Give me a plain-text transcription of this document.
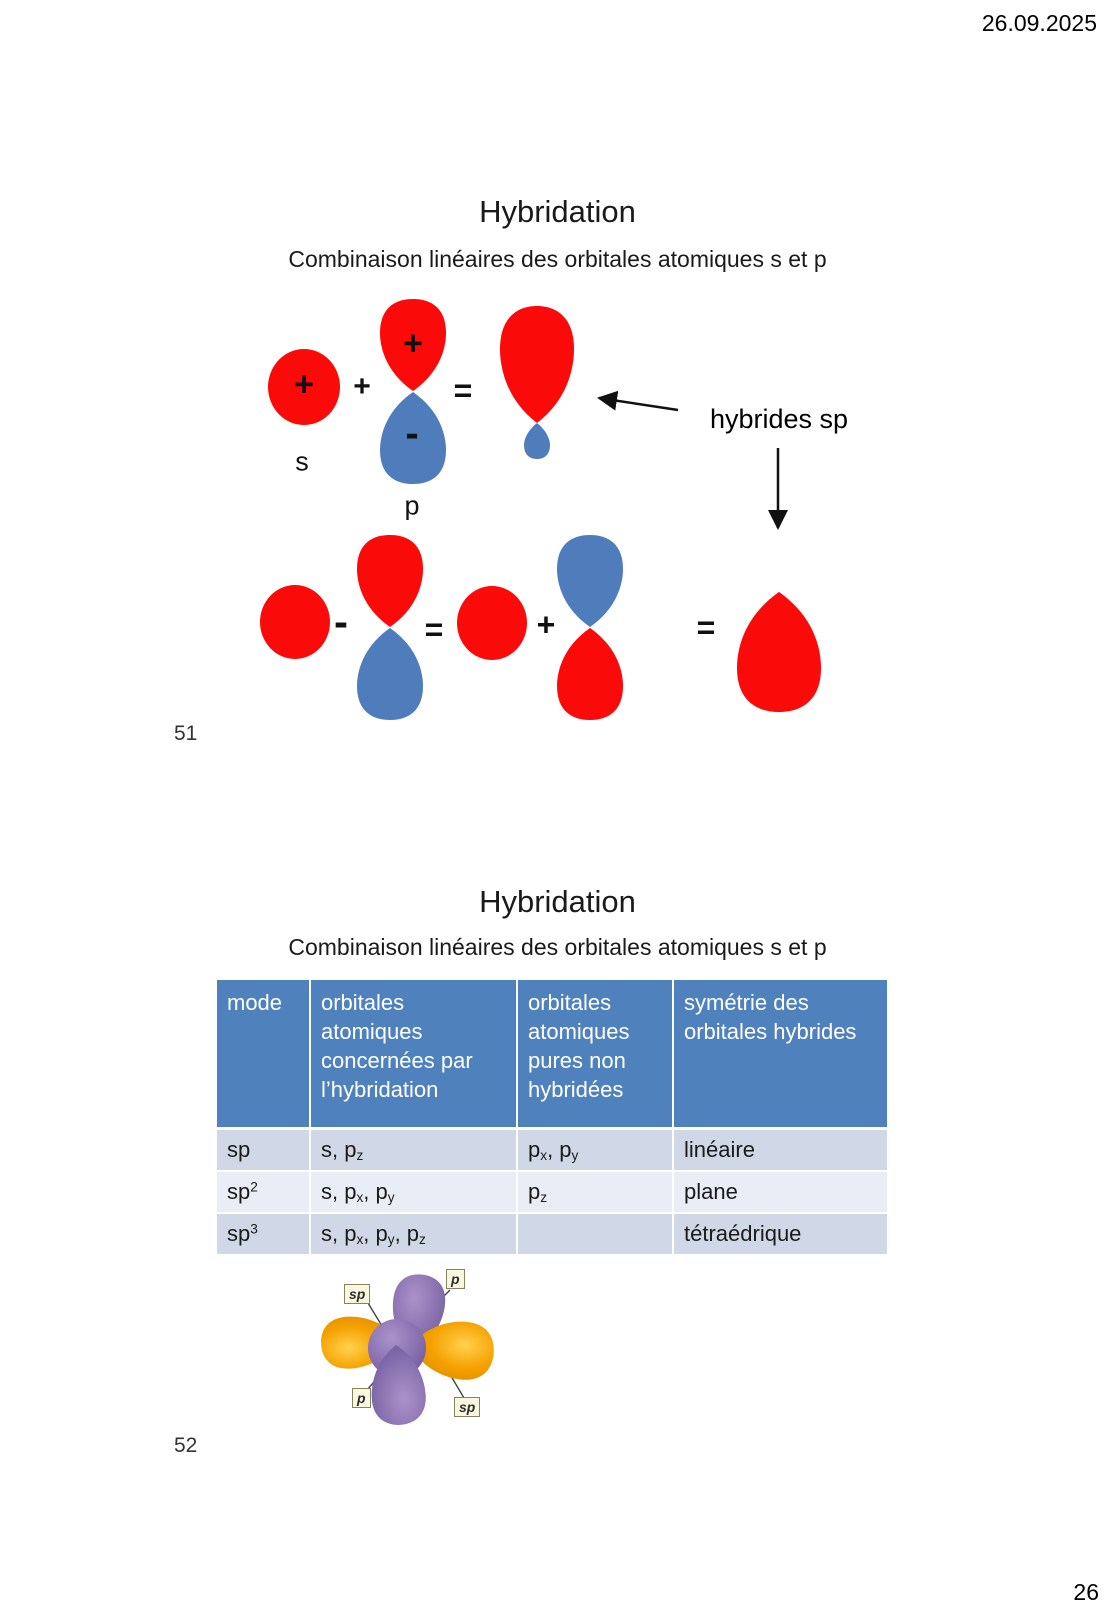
26.09.2025
Hybridation
Combinaison linéaires des orbitales atomiques s et p
+ +
+
-
=
s
p
hybrides sp
- =	+	=
51
Hybridation
Combinaison linéaires des orbitales atomiques s et p
mode	orbitales atomiques concernées par l’hybridation	orbitales atomiques pures non hybridées	symétrie des orbitales hybrides
sp	s, $p_z$	$p_x$, $p_y$	linéaire
$sp^2$	s, $p_x$, $p_y$	$p_z$	plane
$sp^3$	s, $p_x$, $p_y$, $p_z$		tétraédrique
sp
p
p
sp
52
26
